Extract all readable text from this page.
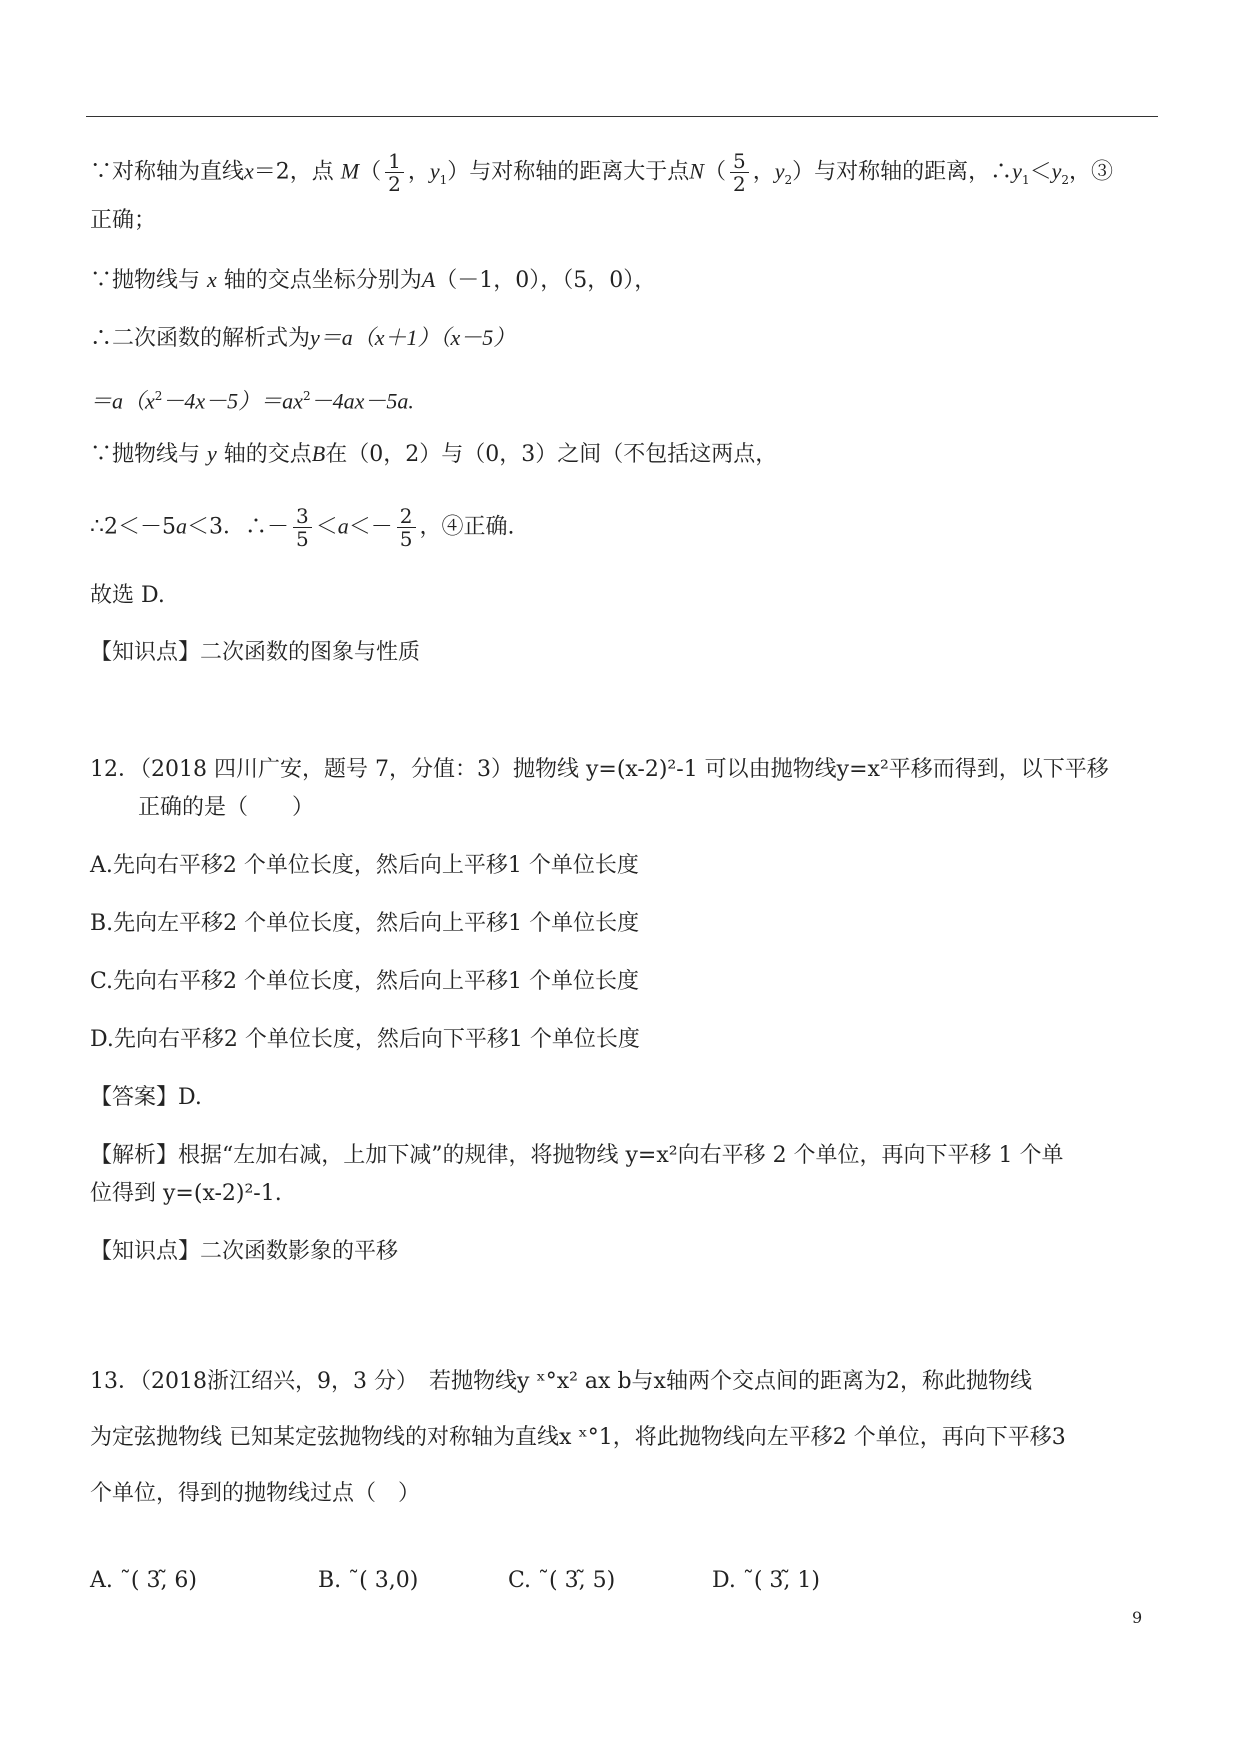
∵对称轴为直线x＝2，点 $M( \frac{1}{2}$ ，$y_1$）与对称轴的距离大于点$N( \frac{5}{2}$ ，$y_2$）与对称轴的距离，$\therefore y_1<y_2$，③
正确；
∵抛物线与 x 轴的交点坐标分别为A（－1，0），（5，0），
∴二次函数的解析式为y＝a（x＋1）（x－5）
$=a(x^2-4x-5)=ax^2-4ax-5a$.
∵抛物线与 y 轴的交点B在（0，2）与（0，3）之间（不包括这两点，
∴2＜－5a＜3．∴－ $\frac{3}{5} <a<- \frac{2}{5}$ ，④正确.
故选 D.
【知识点】二次函数的图象与性质
12．（2018 四川广安，题号 7，分值：3）抛物线 y=(x-2)²-1 可以由抛物线y=x²平移而得到，以下平移
正确的是（　　）
A.先向右平移2 个单位长度，然后向上平移1 个单位长度
B.先向左平移2 个单位长度，然后向上平移1 个单位长度
C.先向右平移2 个单位长度，然后向上平移1 个单位长度
D.先向右平移2 个单位长度，然后向下平移1 个单位长度
【答案】D.
【解析】根据“左加右减，上加下减”的规律，将抛物线 y=x²向右平移 2 个单位，再向下平移 1 个单
位得到 y=(x-2)²-1.
【知识点】二次函数影象的平移
13．（2018浙江绍兴，9，3 分）　若抛物线y ˣ°x² ax b与x轴两个交点间的距离为2，称此抛物线
为定弦抛物线 已知某定弦抛物线的对称轴为直线x ˣ°1，将此抛物线向左平移2 个单位，再向下平移3
个单位，得到的抛物线过点（　）
A. ˜( 3,̃ 6)	B. ˜( 3,0)	C. ˜( 3,̃ 5)	D. ˜( 3,̃ 1)
9
